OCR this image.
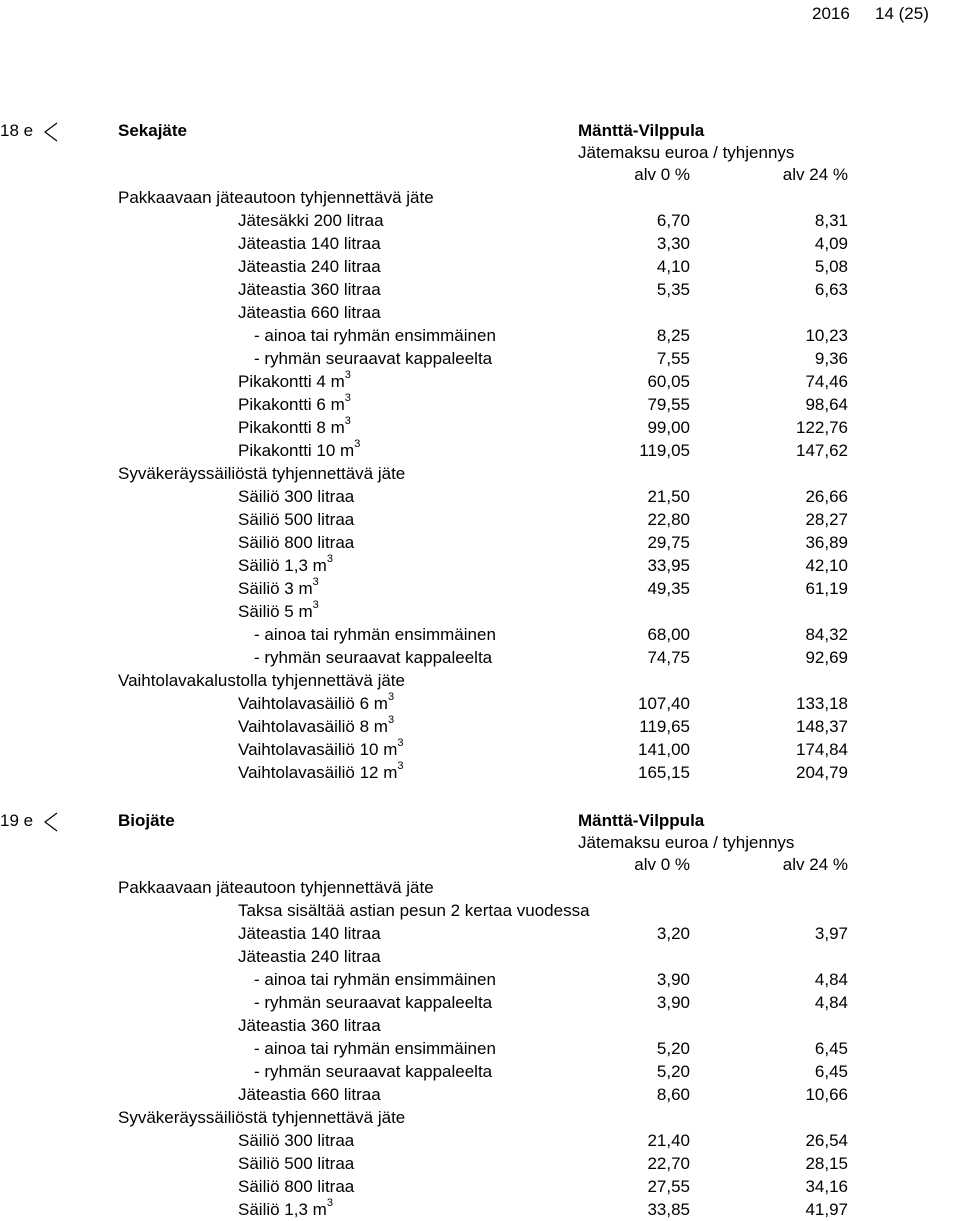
2016 14 (25)
18 e	Sekajäte	Mänttä-Vilppula
Jätemaksu euroa / tyhjennys
alv 0 %	alv 24 %
Pakkaavaan jäteautoon tyhjennettävä jäte
Jätesäkki 200 litraa	6,70	8,31
Jäteastia 140 litraa	3,30	4,09
Jäteastia 240 litraa	4,10	5,08
Jäteastia 360 litraa	5,35	6,63
Jäteastia 660 litraa
- ainoa tai ryhmän ensimmäinen	8,25	10,23
- ryhmän seuraavat kappaleelta	7,55	9,36
Pikakontti 4 $m^3$	60,05	74,46
Pikakontti 6 $m^3$	79,55	98,64
Pikakontti 8 $m^3$	99,00	122,76
Pikakontti 10 $m^3$	119,05	147,62
Syväkeräyssäiliöstä tyhjennettävä jäte
Säiliö 300 litraa	21,50	26,66
Säiliö 500 litraa	22,80	28,27
Säiliö 800 litraa	29,75	36,89
Säiliö 1,3 $m^3$	33,95	42,10
Säiliö 3 $m^3$	49,35	61,19
Säiliö 5 $m^3$
- ainoa tai ryhmän ensimmäinen	68,00	84,32
- ryhmän seuraavat kappaleelta	74,75	92,69
Vaihtolavakalustolla tyhjennettävä jäte
Vaihtolavasäiliö 6 $m^3$	107,40	133,18
Vaihtolavasäiliö 8 $m^3$	119,65	148,37
Vaihtolavasäiliö 10 $m^3$	141,00	174,84
Vaihtolavasäiliö 12 $m^3$	165,15	204,79
19 e	Biojäte	Mänttä-Vilppula
Jätemaksu euroa / tyhjennys
alv 0 %	alv 24 %
Pakkaavaan jäteautoon tyhjennettävä jäte
Taksa sisältää astian pesun 2 kertaa vuodessa
Jäteastia 140 litraa	3,20	3,97
Jäteastia 240 litraa
- ainoa tai ryhmän ensimmäinen	3,90	4,84
- ryhmän seuraavat kappaleelta	3,90	4,84
Jäteastia 360 litraa
- ainoa tai ryhmän ensimmäinen	5,20	6,45
- ryhmän seuraavat kappaleelta	5,20	6,45
Jäteastia 660 litraa	8,60	10,66
Syväkeräyssäiliöstä tyhjennettävä jäte
Säiliö 300 litraa	21,40	26,54
Säiliö 500 litraa	22,70	28,15
Säiliö 800 litraa	27,55	34,16
Säiliö 1,3 $m^3$	33,85	41,97
